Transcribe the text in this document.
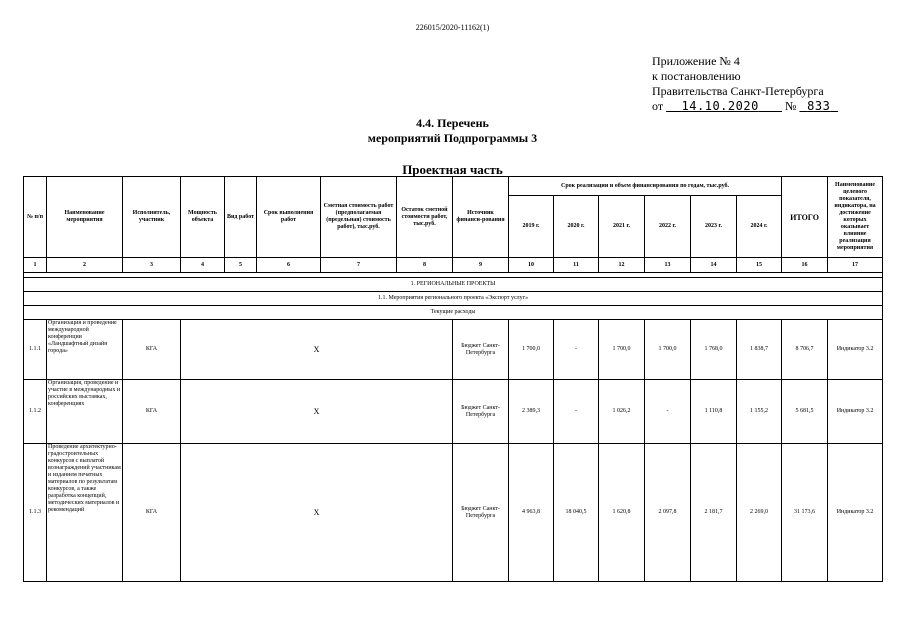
226015/2020-11162(1)
Приложение № 4
к постановлению
Правительства Санкт-Петербурга
от 14.10.2020 № 833
4.4. Перечень
мероприятий Подпрограммы 3
Проектная часть
№ п/п	Наименование мероприятия	Исполнитель, участник	Мощность объекта	Вид работ	Срок выполнения работ	Сметная стоимость работ (предполагаемая (предельная) стоимость работ), тыс.руб.	Остаток сметной стоимости работ, тыс.руб.	Источник финанси-рования	Срок реализации и объем финансирования по годам, тыс.руб.						ИТОГО	Наименование целевого показателя, индикатора, на достижение которых оказывает влияние реализация мероприятия
									2019 г.	2020 г.	2021 г.	2022 г.	2023 г.	2024 г.		
1	2	3	4	5	6	7	8	9	10	11	12	13	14	15	16	17

1. РЕГИОНАЛЬНЫЕ ПРОЕКТЫ																
1.1. Мероприятия регионального проекта «Экспорт услуг»																
Текущие расходы																
1.1.1	Организация и проведение международной конференции «Ландшафтный дизайн города»	КГА	X					Бюджет Санкт-Петербурга	1 700,0	-	1 700,0	1 700,0	1 768,0	1 838,7	8 706,7	Индикатор 3.2
1.1.2	Организация, проведение и участие в международных и российских выставках, конференциях	КГА	X					Бюджет Санкт-Петербурга	2 389,3	-	1 026,2	-	1 110,8	1 155,2	5 681,5	Индикатор 3.2
1.1.3	Проведение архитектурно-градостроительных конкурсов с выплатой вознаграждений участникам и изданием печатных материалов по результатам конкурсов, а также разработка концепций, методических материалов и рекомендаций	КГА	X					Бюджет Санкт-Петербурга	4 963,8	18 040,5	1 620,8	2 097,8	2 181,7	2 269,0	31 173,6	Индикатор 3.2
